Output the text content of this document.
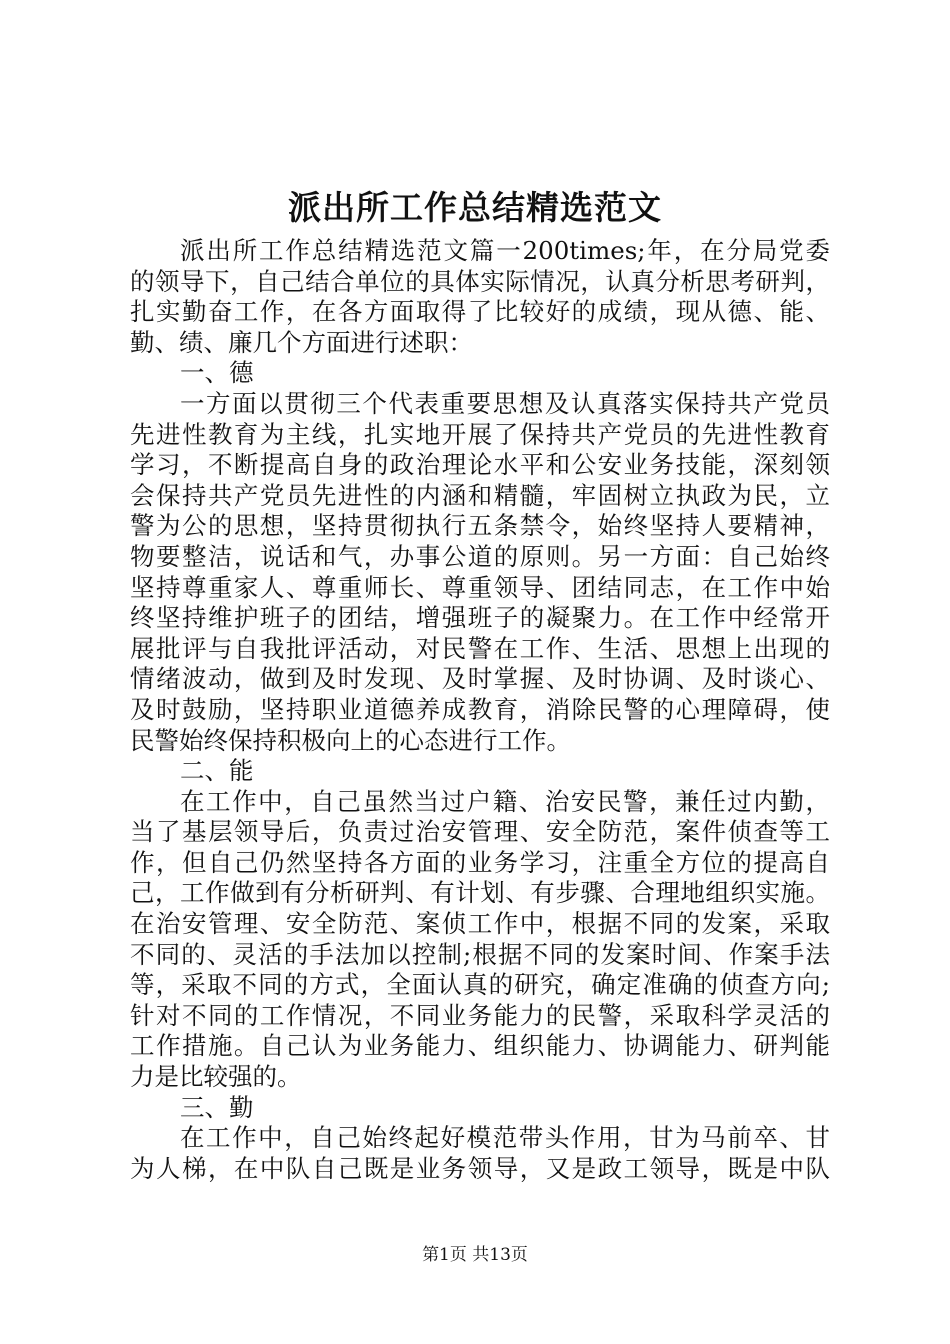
派出所工作总结精选范文
派出所工作总结精选范文篇一200times;年，在分局党委
的领导下，自己结合单位的具体实际情况，认真分析思考研判，
扎实勤奋工作，在各方面取得了比较好的成绩，现从德、能、
勤、绩、廉几个方面进行述职：
一、德
一方面以贯彻三个代表重要思想及认真落实保持共产党员
先进性教育为主线，扎实地开展了保持共产党员的先进性教育
学习，不断提高自身的政治理论水平和公安业务技能，深刻领
会保持共产党员先进性的内涵和精髓，牢固树立执政为民，立
警为公的思想，坚持贯彻执行五条禁令，始终坚持人要精神，
物要整洁，说话和气，办事公道的原则。另一方面：自己始终
坚持尊重家人、尊重师长、尊重领导、团结同志，在工作中始
终坚持维护班子的团结，增强班子的凝聚力。在工作中经常开
展批评与自我批评活动，对民警在工作、生活、思想上出现的
情绪波动，做到及时发现、及时掌握、及时协调、及时谈心、
及时鼓励，坚持职业道德养成教育，消除民警的心理障碍，使
民警始终保持积极向上的心态进行工作。
二、能
在工作中，自己虽然当过户籍、治安民警，兼任过内勤，
当了基层领导后，负责过治安管理、安全防范，案件侦查等工
作，但自己仍然坚持各方面的业务学习，注重全方位的提高自
己，工作做到有分析研判、有计划、有步骤、合理地组织实施。
在治安管理、安全防范、案侦工作中，根据不同的发案，采取
不同的、灵活的手法加以控制;根据不同的发案时间、作案手法
等，采取不同的方式，全面认真的研究，确定准确的侦查方向;
针对不同的工作情况，不同业务能力的民警，采取科学灵活的
工作措施。自己认为业务能力、组织能力、协调能力、研判能
力是比较强的。
三、勤
在工作中，自己始终起好模范带头作用，甘为马前卒、甘
为人梯，在中队自己既是业务领导，又是政工领导，既是中队
第1页 共13页
